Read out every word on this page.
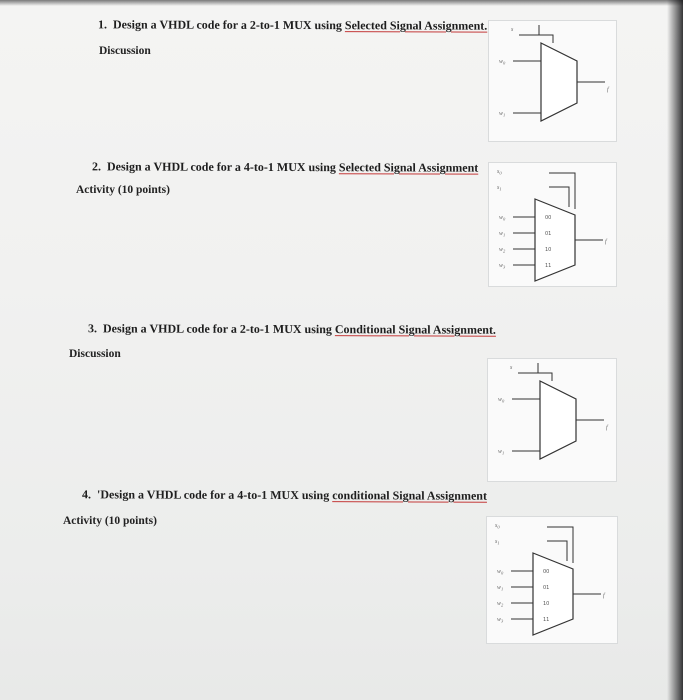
1. Design a VHDL code for a 2-to-1 MUX using Selected Signal Assignment.
Discussion
2. Design a VHDL code for a 4-to-1 MUX using Selected Signal Assignment
Activity (10 points)
3. Design a VHDL code for a 2-to-1 MUX using Conditional Signal Assignment.
Discussion
4. 'Design a VHDL code for a 4-to-1 MUX using conditional Signal Assignment
Activity (10 points)
s
$w_0$
$w_1$
f
$s_0$
$s_1$
00
01
10
11
$w_0$
$w_1$
$w_2$
$w_3$
f
s
$w_0$
$w_1$
f
$s_0$
$s_1$
00
01
10
11
$w_0$
$w_1$
$w_2$
$w_3$
f
